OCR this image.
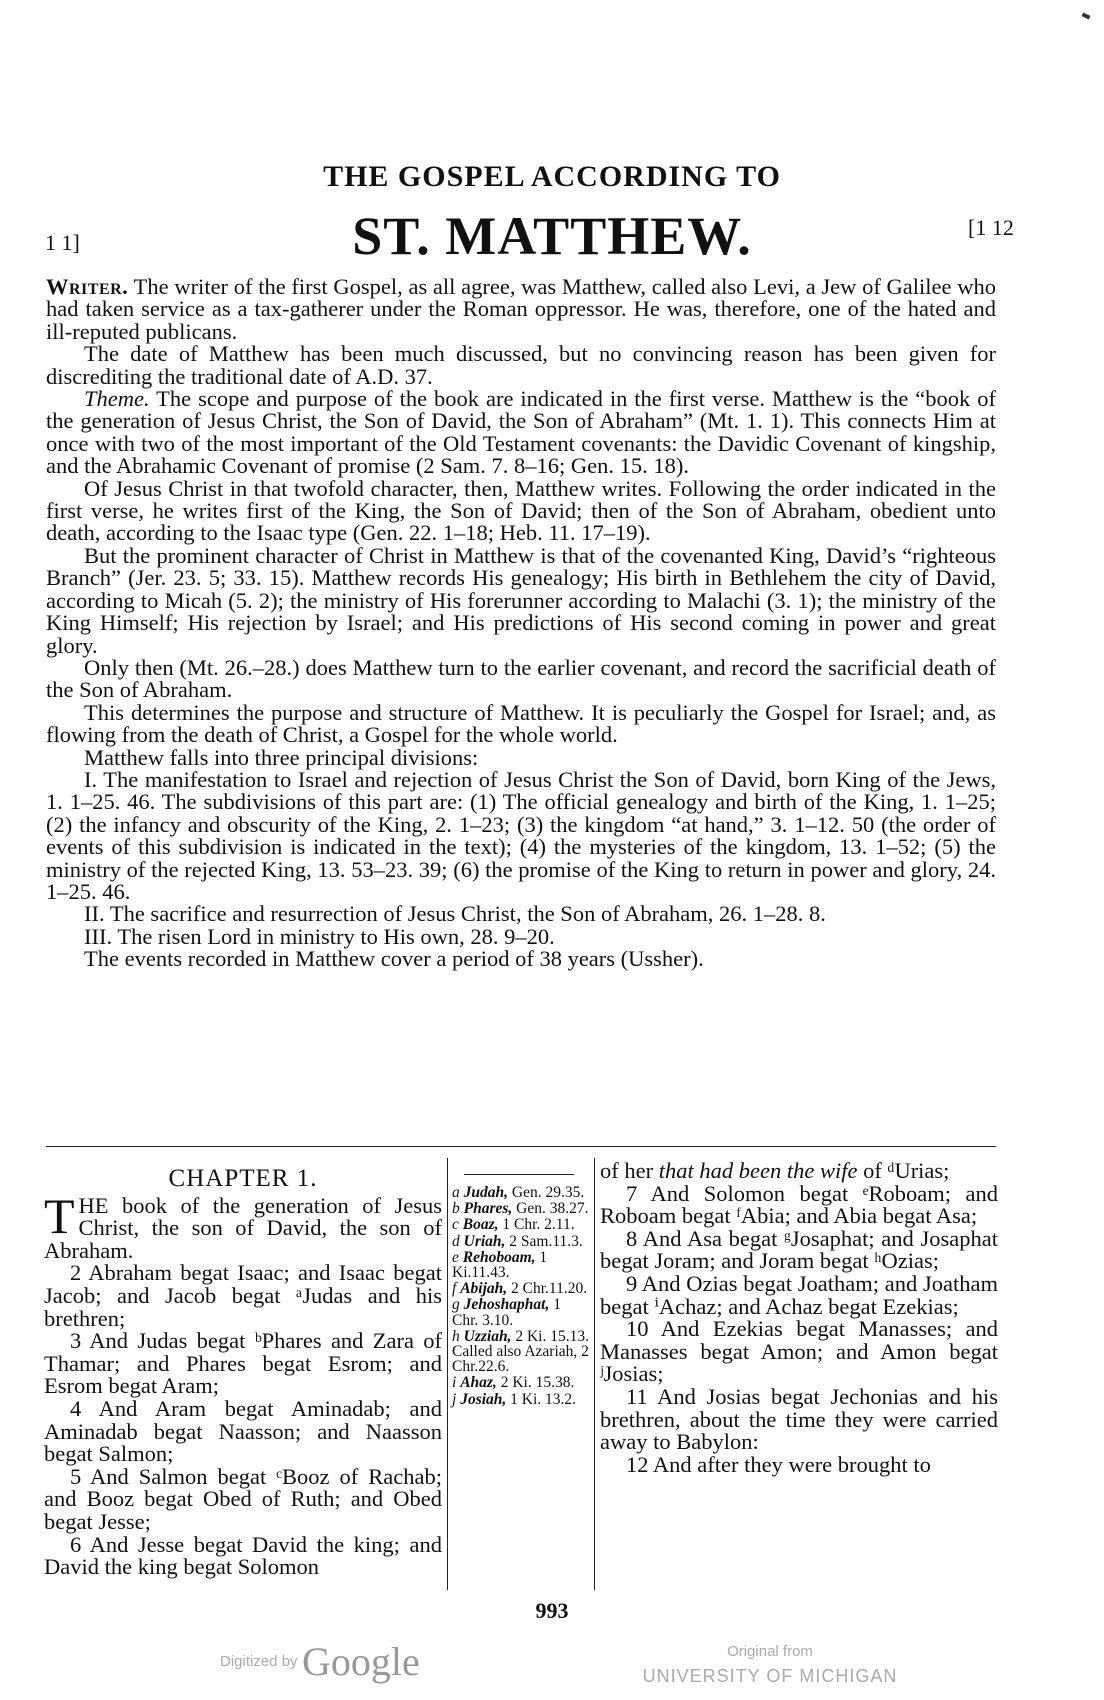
THE GOSPEL ACCORDING TO
ST. MATTHEW.
1 1]
[1 12

Writer. The writer of the first Gospel, as all agree, was Matthew, called also Levi, a Jew of Galilee who had taken service as a tax-gatherer under the Roman oppressor. He was, therefore, one of the hated and ill-reputed publicans.

The date of Matthew has been much discussed, but no convincing reason has been given for discrediting the traditional date of A.D. 37.

Theme. The scope and purpose of the book are indicated in the first verse. Matthew is the “book of the generation of Jesus Christ, the Son of David, the Son of Abraham” (Mt. 1. 1). This connects Him at once with two of the most important of the Old Testament covenants: the Davidic Covenant of kingship, and the Abrahamic Covenant of promise (2 Sam. 7. 8–16; Gen. 15. 18).

Of Jesus Christ in that twofold character, then, Matthew writes. Following the order indicated in the first verse, he writes first of the King, the Son of David; then of the Son of Abraham, obedient unto death, according to the Isaac type (Gen. 22. 1–18; Heb. 11. 17–19).

But the prominent character of Christ in Matthew is that of the covenanted King, David’s “righteous Branch” (Jer. 23. 5; 33. 15). Matthew records His genealogy; His birth in Bethlehem the city of David, according to Micah (5. 2); the ministry of His forerunner according to Malachi (3. 1); the ministry of the King Himself; His rejection by Israel; and His predictions of His second coming in power and great glory.

Only then (Mt. 26.–28.) does Matthew turn to the earlier covenant, and record the sacrificial death of the Son of Abraham.

This determines the purpose and structure of Matthew. It is peculiarly the Gospel for Israel; and, as flowing from the death of Christ, a Gospel for the whole world.

Matthew falls into three principal divisions:

I. The manifestation to Israel and rejection of Jesus Christ the Son of David, born King of the Jews, 1. 1–25. 46. The subdivisions of this part are: (1) The official genealogy and birth of the King, 1. 1–25; (2) the infancy and obscurity of the King, 2. 1–23; (3) the kingdom “at hand,” 3. 1–12. 50 (the order of events of this subdivision is indicated in the text); (4) the mysteries of the kingdom, 13. 1–52; (5) the ministry of the rejected King, 13. 53–23. 39; (6) the promise of the King to return in power and glory, 24. 1–25. 46.

II. The sacrifice and resurrection of Jesus Christ, the Son of Abraham, 26. 1–28. 8.

III. The risen Lord in ministry to His own, 28. 9–20.

The events recorded in Matthew cover a period of 38 years (Ussher).

CHAPTER 1.

THE book of the generation of Jesus Christ, the son of David, the son of Abraham.

2 Abraham begat Isaac; and Isaac begat Jacob; and Jacob begat ᵃJudas and his brethren;

3 And Judas begat ᵇPhares and Zara of Thamar; and Phares begat Esrom; and Esrom begat Aram;

4 And Aram begat Aminadab; and Aminadab begat Naasson; and Naasson begat Salmon;

5 And Salmon begat ᶜBooz of Rachab; and Booz begat Obed of Ruth; and Obed begat Jesse;

6 And Jesse begat David the king; and David the king begat Solomon

a Judah, Gen. 29.35.
b Phares, Gen. 38.27.
c Boaz, 1 Chr. 2.11.
d Uriah, 2 Sam.11.3.
e Rehoboam, 1 Ki.11.43.
f Abijah, 2 Chr.11.20.
g Jehoshaphat, 1 Chr. 3.10.
h Uzziah, 2 Ki. 15.13. Called also Azariah, 2 Chr.22.6.
i Ahaz, 2 Ki. 15.38.
j Josiah, 1 Ki. 13.2.

of her that had been the wife of ᵈUrias;

7 And Solomon begat ᵉRoboam; and Roboam begat ᶠAbia; and Abia begat Asa;

8 And Asa begat ᵍJosaphat; and Josaphat begat Joram; and Joram begat ʰOzias;

9 And Ozias begat Joatham; and Joatham begat ⁱAchaz; and Achaz begat Ezekias;

10 And Ezekias begat Manasses; and Manasses begat Amon; and Amon begat ʲJosias;

11 And Josias begat Jechonias and his brethren, about the time they were carried away to Babylon:

12 And after they were brought to

993
Digitized by Google	Original from
UNIVERSITY OF MICHIGAN
